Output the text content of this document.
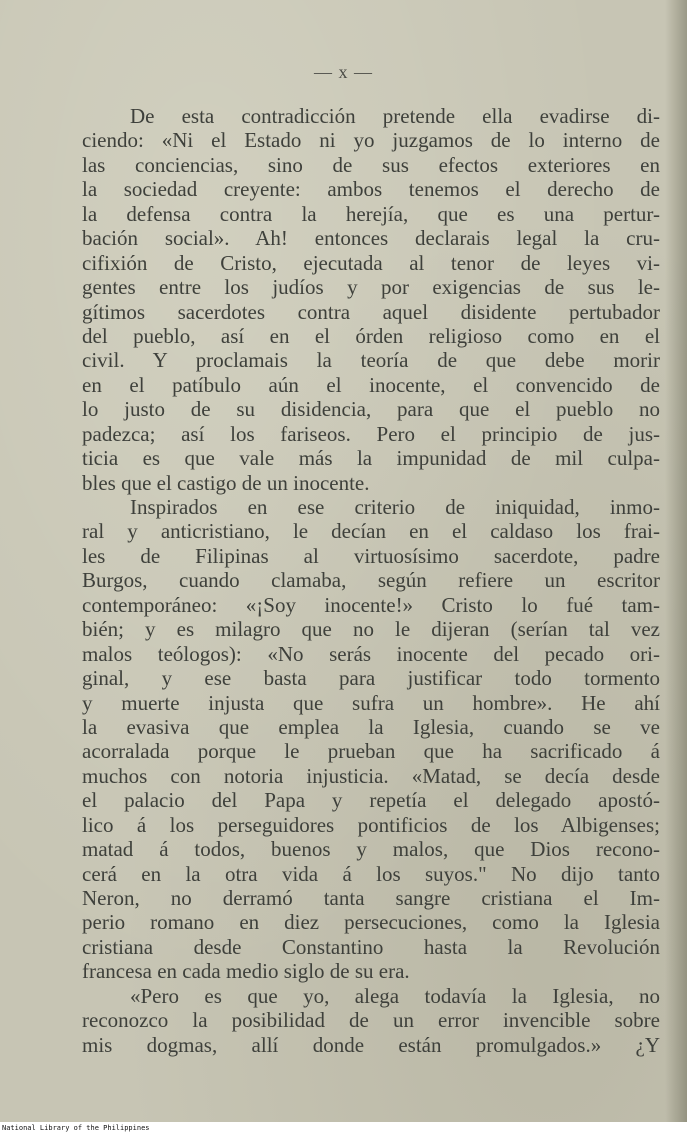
— x —
De esta contradicción pretende ella evadirse di-
ciendo: «Ni el Estado ni yo juzgamos de lo interno de
las conciencias, sino de sus efectos exteriores en
la sociedad creyente: ambos tenemos el derecho de
la defensa contra la herejía, que es una pertur-
bación social». Ah! entonces declarais legal la cru-
cifixión de Cristo, ejecutada al tenor de leyes vi-
gentes entre los judíos y por exigencias de sus le-
gítimos sacerdotes contra aquel disidente pertubador
del pueblo, así en el órden religioso como en el
civil. Y proclamais la teoría de que debe morir
en el patíbulo aún el inocente, el convencido de
lo justo de su disidencia, para que el pueblo no
padezca; así los fariseos. Pero el principio de jus-
ticia es que vale más la impunidad de mil culpa-
bles que el castigo de un inocente.
Inspirados en ese criterio de iniquidad, inmo-
ral y anticristiano, le decían en el caldaso los frai-
les de Filipinas al virtuosísimo sacerdote, padre
Burgos, cuando clamaba, según refiere un escritor
contemporáneo: «¡Soy inocente!» Cristo lo fué tam-
bién; y es milagro que no le dijeran (serían tal vez
malos teólogos): «No serás inocente del pecado ori-
ginal, y ese basta para justificar todo tormento
y muerte injusta que sufra un hombre». He ahí
la evasiva que emplea la Iglesia, cuando se ve
acorralada porque le prueban que ha sacrificado á
muchos con notoria injusticia. «Matad, se decía desde
el palacio del Papa y repetía el delegado apostó-
lico á los perseguidores pontificios de los Albigenses;
matad á todos, buenos y malos, que Dios recono-
cerá en la otra vida á los suyos." No dijo tanto
Neron, no derramó tanta sangre cristiana el Im-
perio romano en diez persecuciones, como la Iglesia
cristiana desde Constantino hasta la Revolución
francesa en cada medio siglo de su era.
«Pero es que yo, alega todavía la Iglesia, no
reconozco la posibilidad de un error invencible sobre
mis dogmas, allí donde están promulgados.» ¿Y
National Library of the Philippines
